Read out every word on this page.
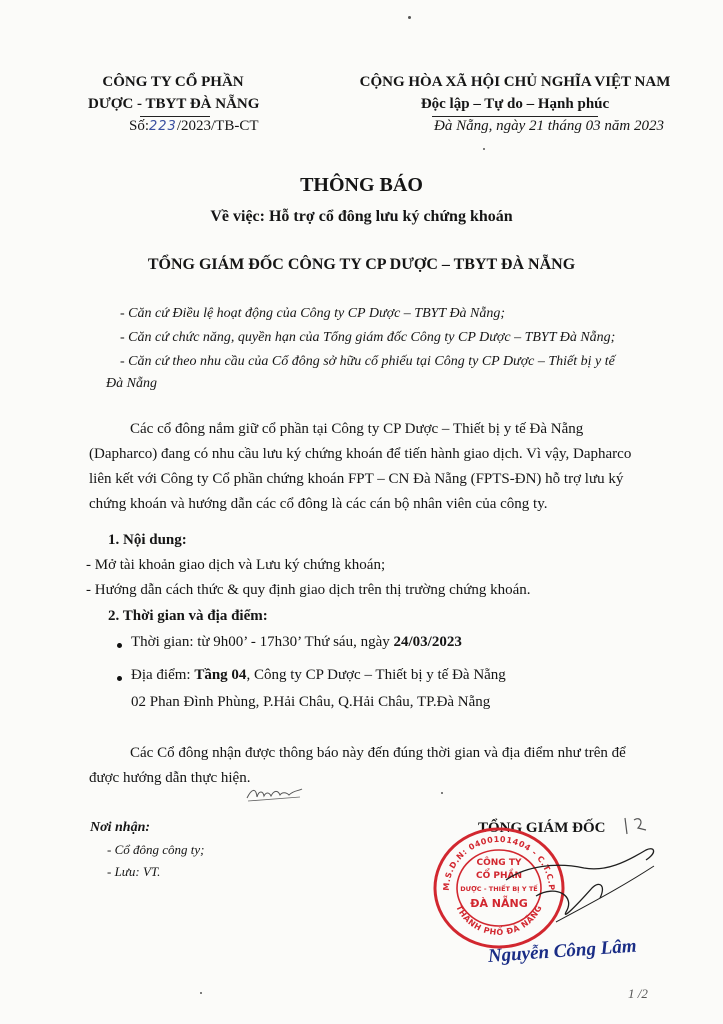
CÔNG TY CỔ PHẦN
DƯỢC - TBYT ĐÀ NẴNG
Số:223/2023/TB-CT
CỘNG HÒA XÃ HỘI CHỦ NGHĨA VIỆT NAM
Độc lập – Tự do – Hạnh phúc
Đà Nẵng, ngày 21 tháng 03 năm 2023
THÔNG BÁO
Về việc: Hỗ trợ cổ đông lưu ký chứng khoán
TỔNG GIÁM ĐỐC CÔNG TY CP DƯỢC – TBYT ĐÀ NẴNG
- Căn cứ Điều lệ hoạt động của Công ty CP Dược – TBYT Đà Nẵng;
- Căn cứ chức năng, quyền hạn của Tổng giám đốc Công ty CP Dược – TBYT Đà Nẵng;
- Căn cứ theo nhu cầu của Cổ đông sở hữu cổ phiếu tại Công ty CP Dược – Thiết bị y tế
Đà Nẵng
Các cổ đông nắm giữ cổ phần tại Công ty CP Dược – Thiết bị y tế Đà Nẵng
(Dapharco) đang có nhu cầu lưu ký chứng khoán để tiến hành giao dịch. Vì vậy, Dapharco
liên kết với Công ty Cổ phần chứng khoán FPT – CN Đà Nẵng (FPTS-ĐN) hỗ trợ lưu ký
chứng khoán và hướng dẫn các cổ đông là các cán bộ nhân viên của công ty.
1. Nội dung:
- Mở tài khoản giao dịch và Lưu ký chứng khoán;
- Hướng dẫn cách thức & quy định giao dịch trên thị trường chứng khoán.
2. Thời gian và địa điểm:
Thời gian: từ 9h00’ - 17h30’ Thứ sáu, ngày 24/03/2023
Địa điểm: Tầng 04, Công ty CP Dược – Thiết bị y tế Đà Nẵng
02 Phan Đình Phùng, P.Hải Châu, Q.Hải Châu, TP.Đà Nẵng
Các Cổ đông nhận được thông báo này đến đúng thời gian và địa điểm như trên để
được hướng dẫn thực hiện.
Nơi nhận:
- Cổ đông công ty;
- Lưu: VT.
TỔNG GIÁM ĐỐC
M.S.D.N: 0400101404 - C.T.C.P
THÀNH PHỐ ĐÀ NẴNG
CÔNG TY
CỔ PHẦN
DƯỢC - THIẾT BỊ Y TẾ
ĐÀ NẴNG
Nguyễn Công Lâm
1 /2
